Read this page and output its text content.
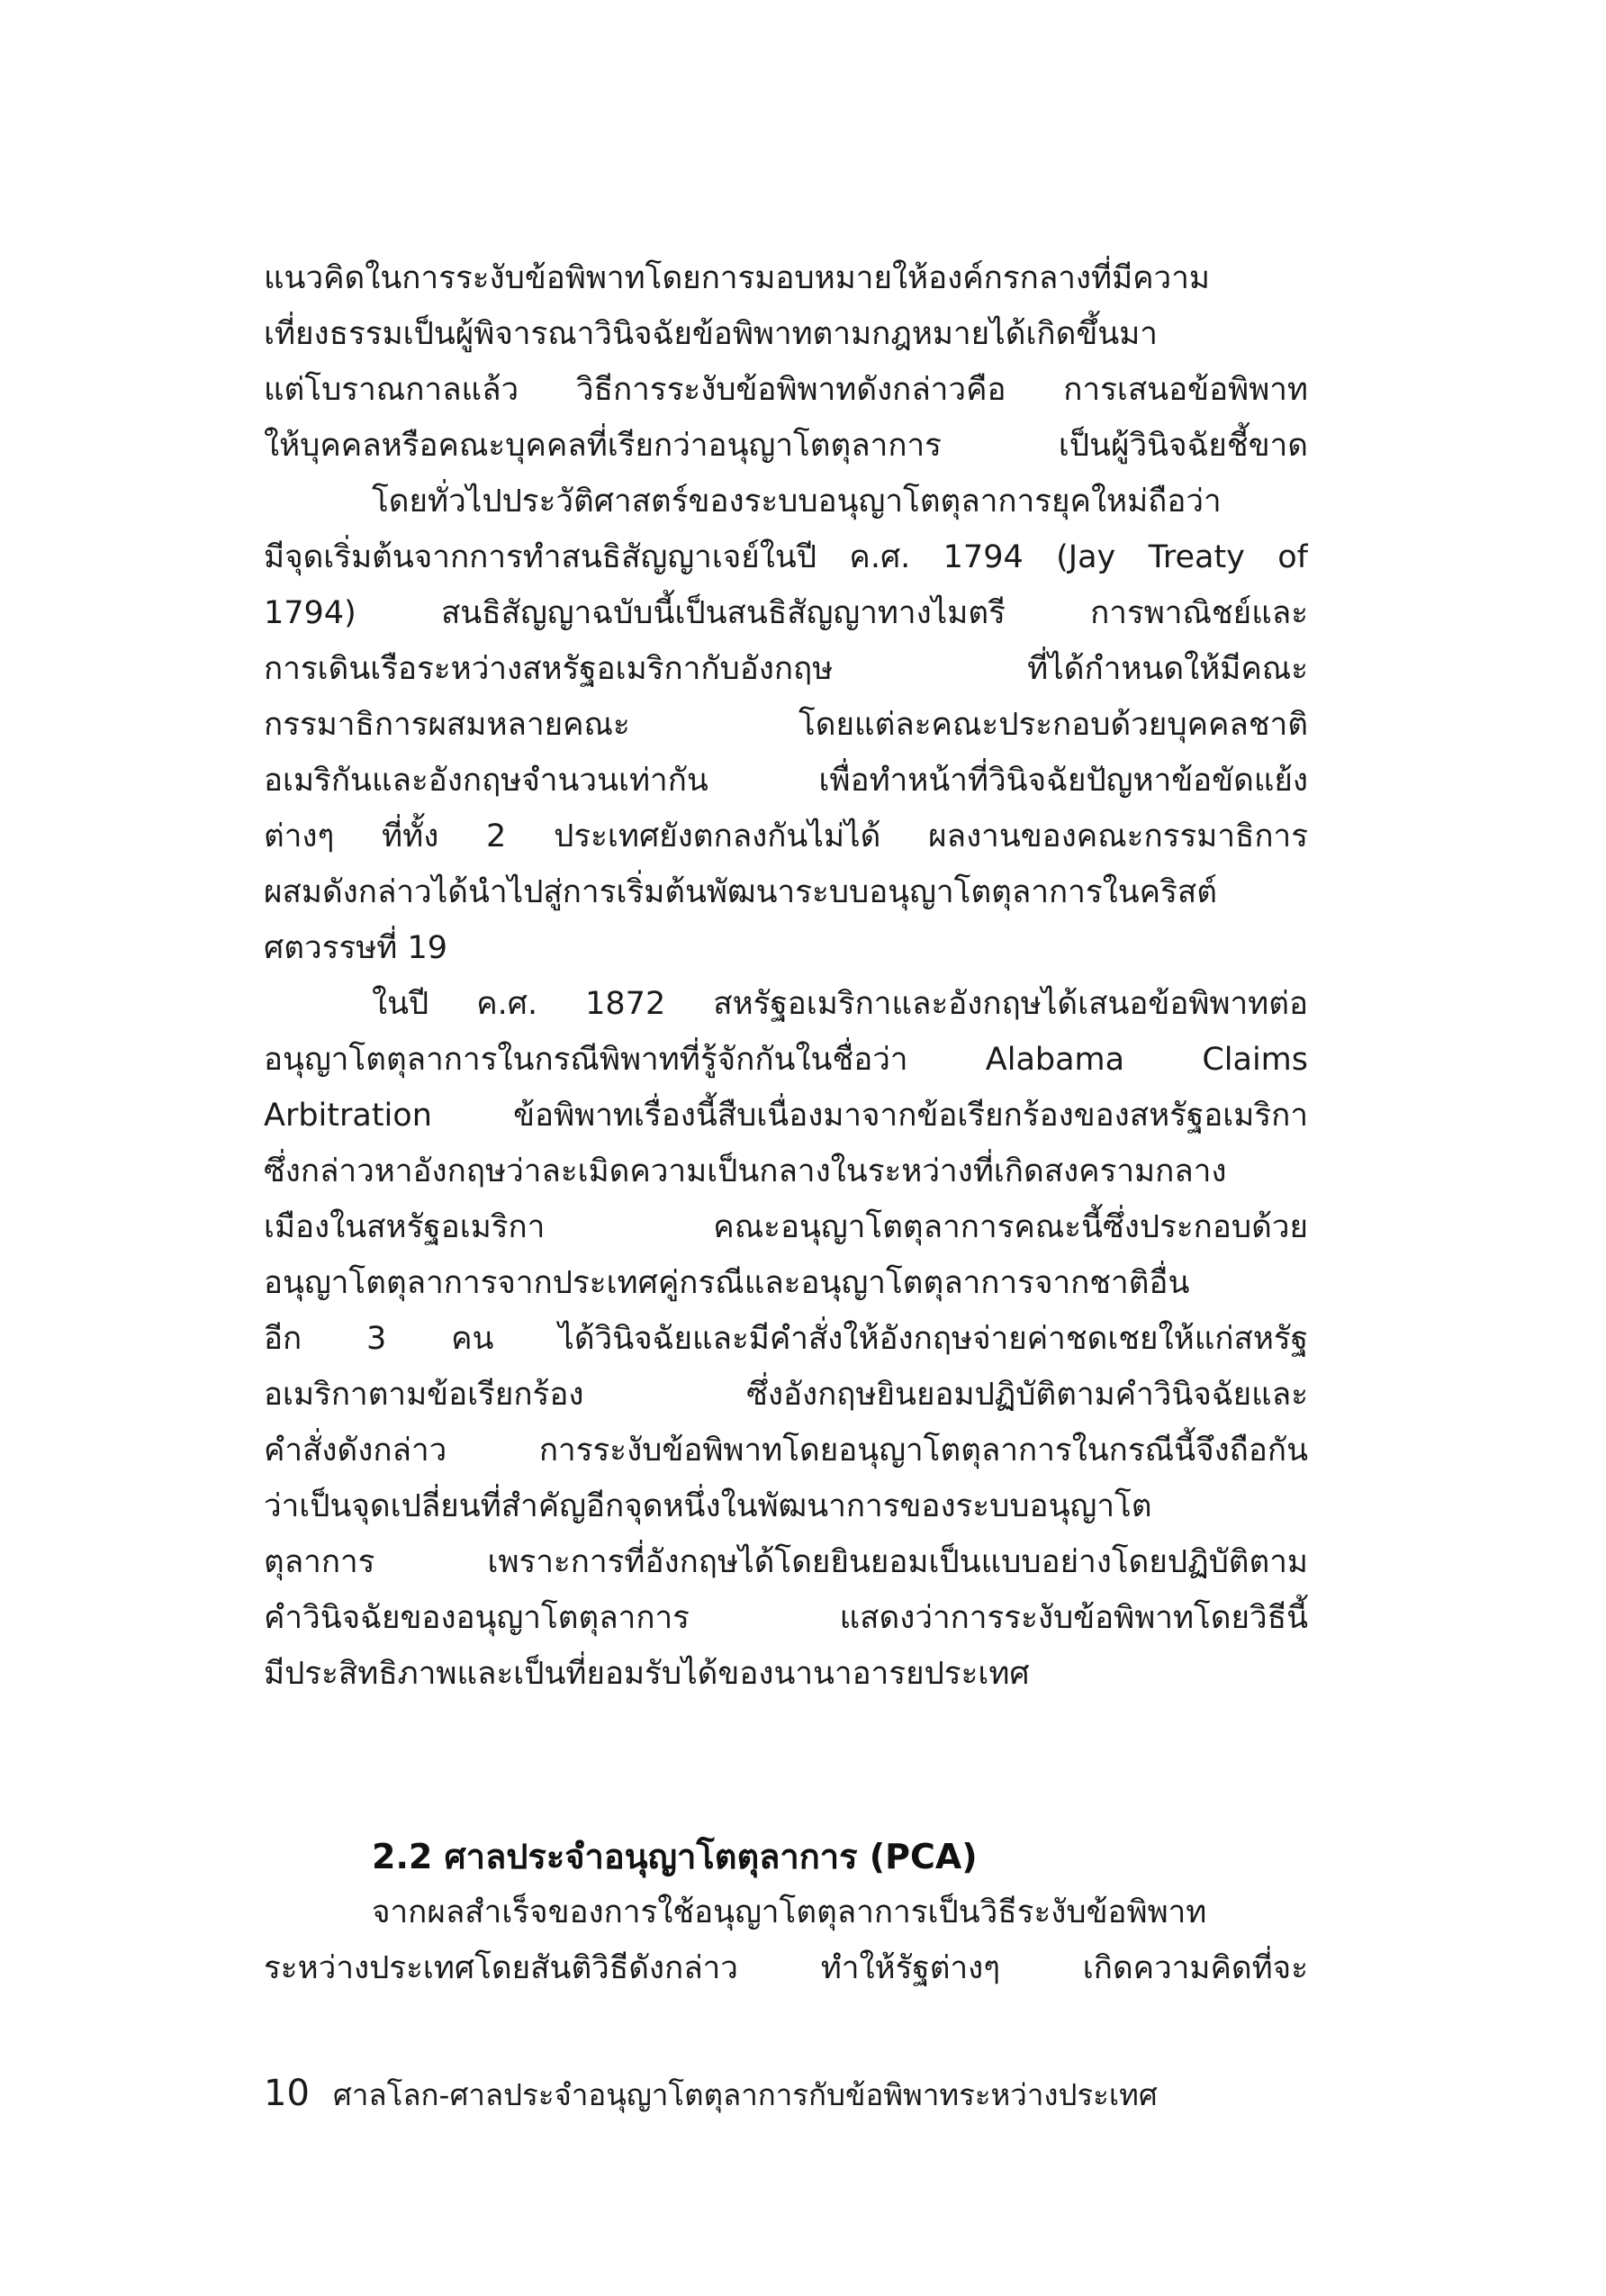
แนวคิดในการระงับข้อพิพาทโดยการมอบหมายให้องค์กรกลางที่มีความ
เที่ยงธรรมเป็นผู้พิจารณาวินิจฉัยข้อพิพาทตามกฎหมายได้เกิดขึ้นมา
แต่โบราณกาลแล้ว วิธีการระงับข้อพิพาทดังกล่าวคือ การเสนอข้อพิพาท
ให้บุคคลหรือคณะบุคคลที่เรียกว่าอนุญาโตตุลาการ เป็นผู้วินิจฉัยชี้ขาด
โดยทั่วไปประวัติศาสตร์ของระบบอนุญาโตตุลาการยุคใหม่ถือว่า
มีจุดเริ่มต้นจากการทำสนธิสัญญาเจย์ในปี ค.ศ. 1794 (Jay Treaty of
1794) สนธิสัญญาฉบับนี้เป็นสนธิสัญญาทางไมตรี การพาณิชย์และ
การเดินเรือระหว่างสหรัฐอเมริกากับอังกฤษ ที่ได้กำหนดให้มีคณะ
กรรมาธิการผสมหลายคณะ โดยแต่ละคณะประกอบด้วยบุคคลชาติ
อเมริกันและอังกฤษจำนวนเท่ากัน เพื่อทำหน้าที่วินิจฉัยปัญหาข้อขัดแย้ง
ต่างๆ ที่ทั้ง 2 ประเทศยังตกลงกันไม่ได้ ผลงานของคณะกรรมาธิการ
ผสมดังกล่าวได้นำไปสู่การเริ่มต้นพัฒนาระบบอนุญาโตตุลาการในคริสต์
ศตวรรษที่ 19
ในปี ค.ศ. 1872 สหรัฐอเมริกาและอังกฤษได้เสนอข้อพิพาทต่อ
อนุญาโตตุลาการในกรณีพิพาทที่รู้จักกันในชื่อว่า Alabama Claims
Arbitration ข้อพิพาทเรื่องนี้สืบเนื่องมาจากข้อเรียกร้องของสหรัฐอเมริกา
ซึ่งกล่าวหาอังกฤษว่าละเมิดความเป็นกลางในระหว่างที่เกิดสงครามกลาง
เมืองในสหรัฐอเมริกา คณะอนุญาโตตุลาการคณะนี้ซึ่งประกอบด้วย
อนุญาโตตุลาการจากประเทศคู่กรณีและอนุญาโตตุลาการจากชาติอื่น
อีก 3 คน ได้วินิจฉัยและมีคำสั่งให้อังกฤษจ่ายค่าชดเชยให้แก่สหรัฐ
อเมริกาตามข้อเรียกร้อง ซึ่งอังกฤษยินยอมปฏิบัติตามคำวินิจฉัยและ
คำสั่งดังกล่าว การระงับข้อพิพาทโดยอนุญาโตตุลาการในกรณีนี้จึงถือกัน
ว่าเป็นจุดเปลี่ยนที่สำคัญอีกจุดหนึ่งในพัฒนาการของระบบอนุญาโต
ตุลาการ เพราะการที่อังกฤษได้โดยยินยอมเป็นแบบอย่างโดยปฏิบัติตาม
คำวินิจฉัยของอนุญาโตตุลาการ แสดงว่าการระงับข้อพิพาทโดยวิธีนี้
มีประสิทธิภาพและเป็นที่ยอมรับได้ของนานาอารยประเทศ
2.2 ศาลประจำอนุญาโตตุลาการ (PCA)
จากผลสำเร็จของการใช้อนุญาโตตุลาการเป็นวิธีระงับข้อพิพาท
ระหว่างประเทศโดยสันติวิธีดังกล่าว ทำให้รัฐต่างๆ เกิดความคิดที่จะ
10 ศาลโลก-ศาลประจำอนุญาโตตุลาการกับข้อพิพาทระหว่างประเทศ
